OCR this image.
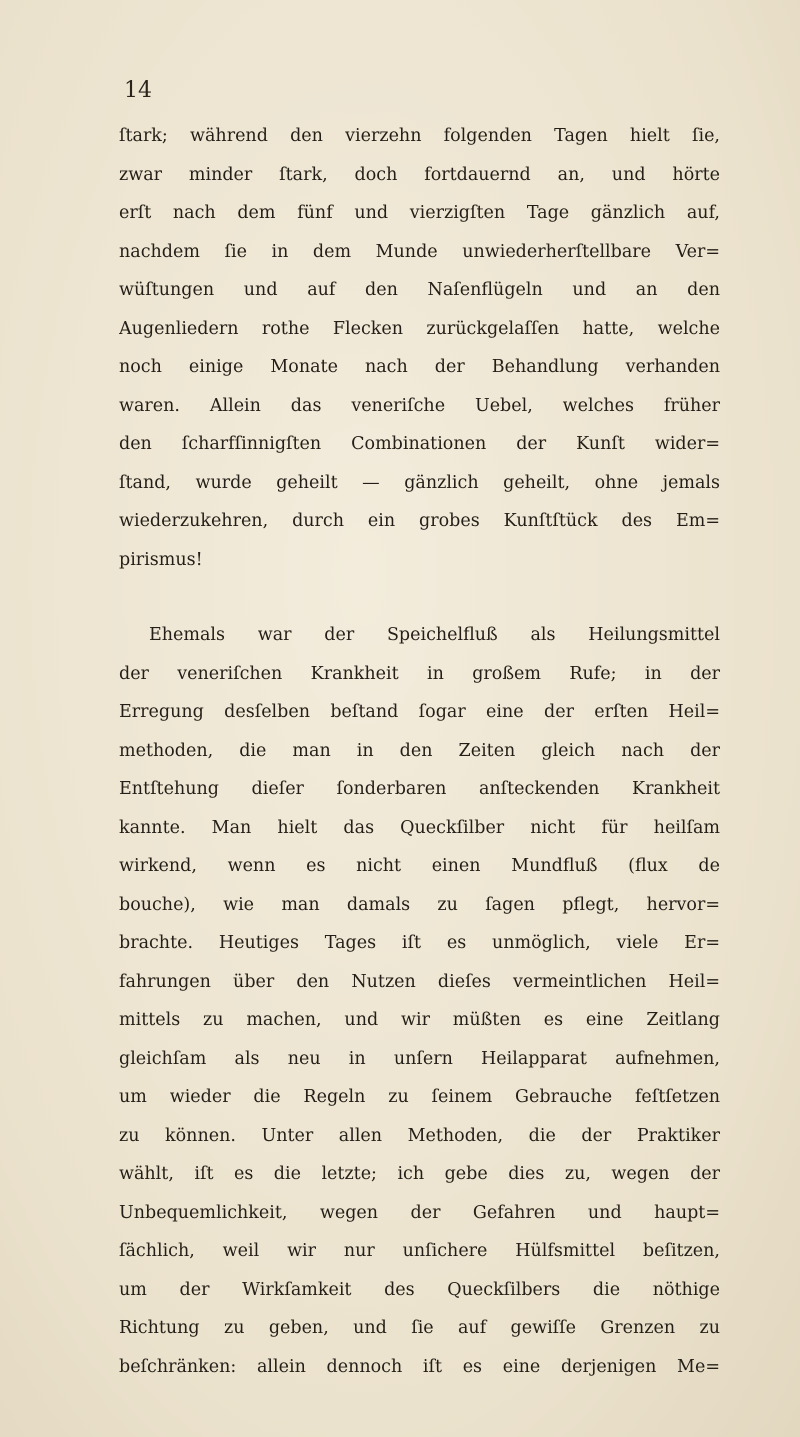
14
ſtark; während den vierzehn folgenden Tagen hielt ſie,
zwar minder ſtark, doch fortdauernd an, und hörte
erſt nach dem fünf und vierzigſten Tage gänzlich auf,
nachdem ſie in dem Munde unwiederherſtellbare Ver=
wüſtungen und auf den Naſenflügeln und an den
Augenliedern rothe Flecken zurückgelaſſen hatte, welche
noch einige Monate nach der Behandlung verhanden
waren. Allein das veneriſche Uebel, welches früher
den ſcharfſinnigſten Combinationen der Kunſt wider=
ſtand, wurde geheilt — gänzlich geheilt, ohne jemals
wiederzukehren, durch ein grobes Kunſtſtück des Em=
pirismus!
Ehemals war der Speichelfluß als Heilungsmittel
der veneriſchen Krankheit in großem Rufe; in der
Erregung desſelben beſtand ſogar eine der erſten Heil=
methoden, die man in den Zeiten gleich nach der
Entſtehung dieſer ſonderbaren anſteckenden Krankheit
kannte. Man hielt das Queckſilber nicht für heilſam
wirkend, wenn es nicht einen Mundfluß (flux de
bouche), wie man damals zu ſagen pflegt, hervor=
brachte. Heutiges Tages iſt es unmöglich, viele Er=
fahrungen über den Nutzen dieſes vermeintlichen Heil=
mittels zu machen, und wir müßten es eine Zeitlang
gleichſam als neu in unſern Heilapparat aufnehmen,
um wieder die Regeln zu ſeinem Gebrauche feſtſetzen
zu können. Unter allen Methoden, die der Praktiker
wählt, iſt es die letzte; ich gebe dies zu, wegen der
Unbequemlichkeit, wegen der Gefahren und haupt=
ſächlich, weil wir nur unſichere Hülfsmittel beſitzen,
um der Wirkſamkeit des Queckſilbers die nöthige
Richtung zu geben, und ſie auf gewiſſe Grenzen zu
beſchränken: allein dennoch iſt es eine derjenigen Me=
